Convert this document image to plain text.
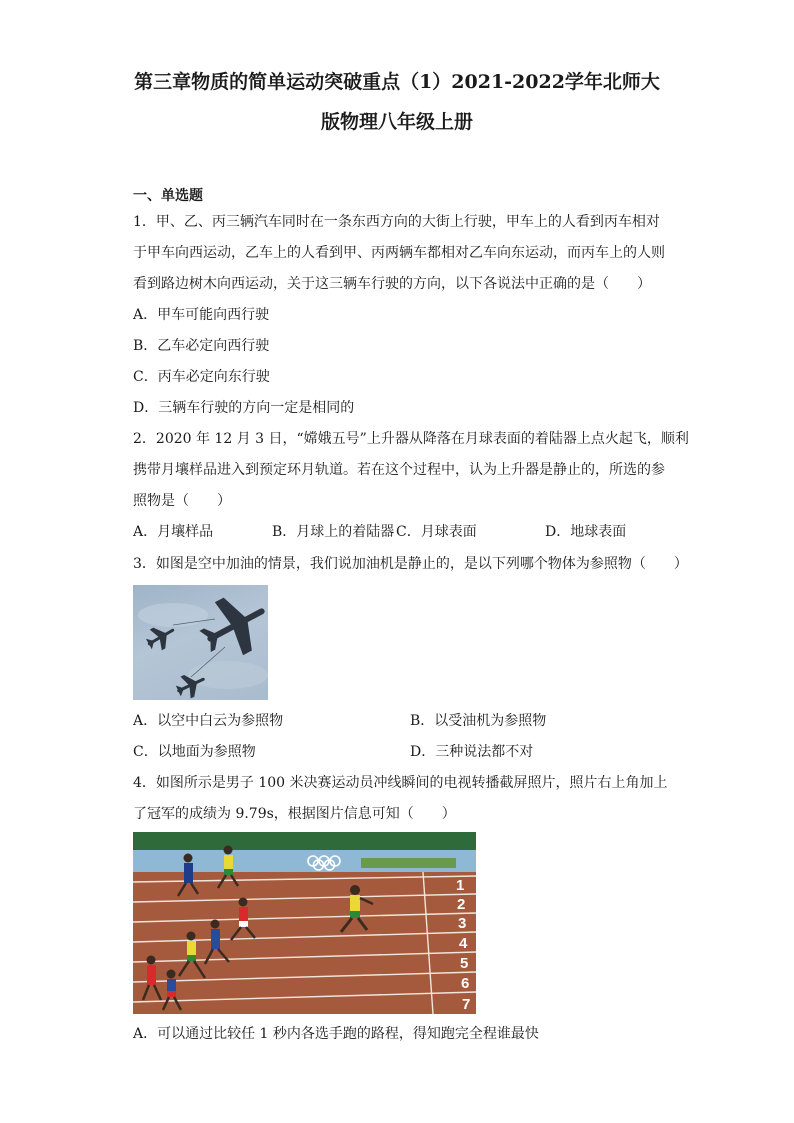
第三章物质的简单运动突破重点（1）2021-2022学年北师大
版物理八年级上册
一、单选题
1．甲、乙、丙三辆汽车同时在一条东西方向的大街上行驶，甲车上的人看到丙车相对
于甲车向西运动，乙车上的人看到甲、丙两辆车都相对乙车向东运动，而丙车上的人则
看到路边树木向西运动，关于这三辆车行驶的方向，以下各说法中正确的是（　　）
A．甲车可能向西行驶
B．乙车必定向西行驶
C．丙车必定向东行驶
D．三辆车行驶的方向一定是相同的
2．2020 年 12 月 3 日，“嫦娥五号”上升器从降落在月球表面的着陆器上点火起飞，顺利
携带月壤样品进入到预定环月轨道。若在这个过程中，认为上升器是静止的，所选的参
照物是（　　）
A．月壤样品	B．月球上的着陆器 C．月球表面	D．地球表面
3．如图是空中加油的情景，我们说加油机是静止的，是以下列哪个物体为参照物（　　）
A．以空中白云为参照物	B．以受油机为参照物
C．以地面为参照物	D．三种说法都不对
4．如图所示是男子 100 米决赛运动员冲线瞬间的电视转播截屏照片，照片右上角加上
了冠军的成绩为 9.79s，根据图片信息可知（　　）
1
2
3
4
5
6
7
A．可以通过比较任 1 秒内各选手跑的路程，得知跑完全程谁最快
